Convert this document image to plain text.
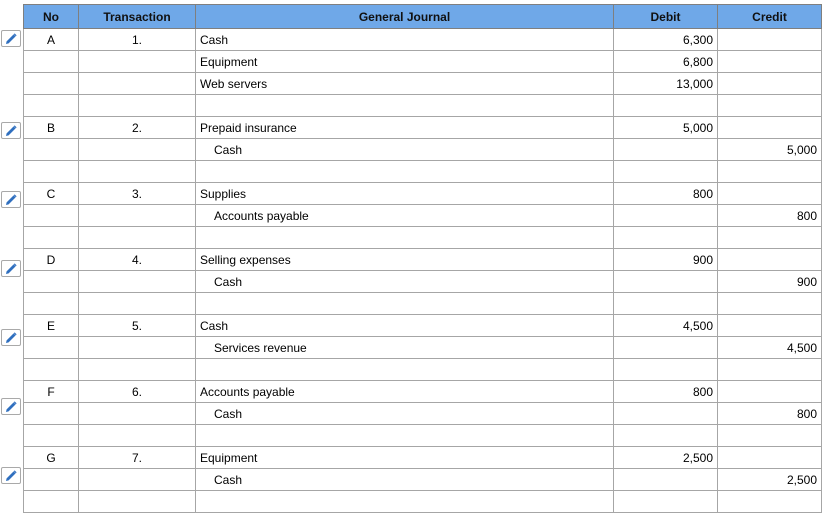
No	Transaction	General Journal	Debit	Credit
A	1.	Cash	6,300	
		Equipment	6,800	
		Web servers	13,000	

B	2.	Prepaid insurance	5,000	
		Cash		5,000

C	3.	Supplies	800	
		Accounts payable		800

D	4.	Selling expenses	900	
		Cash		900

E	5.	Cash	4,500	
		Services revenue		4,500

F	6.	Accounts payable	800	
		Cash		800

G	7.	Equipment	2,500	
		Cash		2,500
